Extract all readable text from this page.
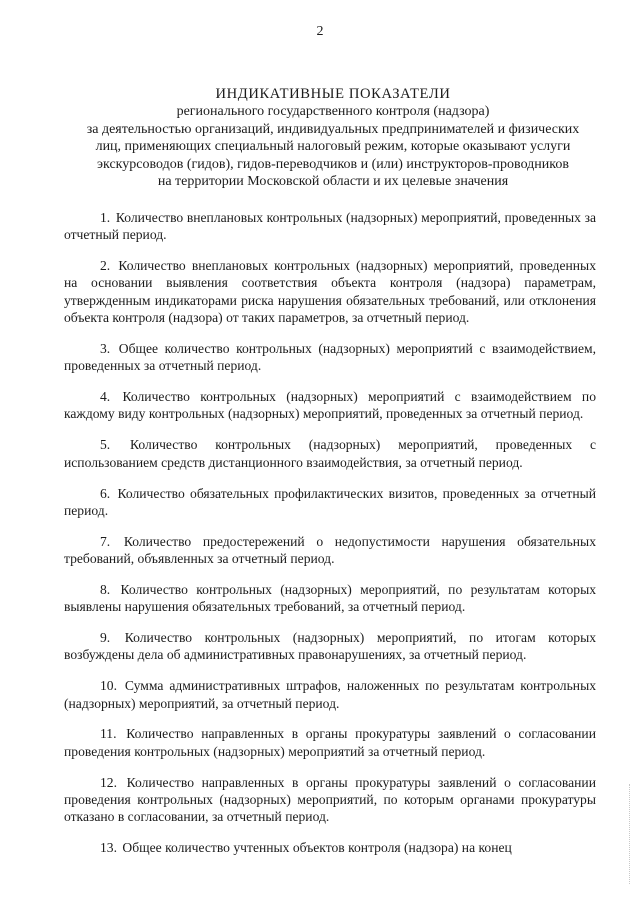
2
ИНДИКАТИВНЫЕ ПОКАЗАТЕЛИ
регионального государственного контроля (надзора)
за деятельностью организаций, индивидуальных предпринимателей и физических
лиц, применяющих специальный налоговый режим, которые оказывают услуги
экскурсоводов (гидов), гидов-переводчиков и (или) инструкторов-проводников
на территории Московской области и их целевые значения

1. Количество внеплановых контрольных (надзорных) мероприятий, проведенных за отчетный период.

2. Количество внеплановых контрольных (надзорных) мероприятий, проведенных на основании выявления соответствия объекта контроля (надзора) параметрам, утвержденным индикаторами риска нарушения обязательных требований, или отклонения объекта контроля (надзора) от таких параметров, за отчетный период.

3. Общее количество контрольных (надзорных) мероприятий с взаимодействием, проведенных за отчетный период.

4. Количество контрольных (надзорных) мероприятий с взаимодействием по каждому виду контрольных (надзорных) мероприятий, проведенных за отчетный период.

5. Количество контрольных (надзорных) мероприятий, проведенных с использованием средств дистанционного взаимодействия, за отчетный период.

6. Количество обязательных профилактических визитов, проведенных за отчетный период.

7. Количество предостережений о недопустимости нарушения обязательных требований, объявленных за отчетный период.

8. Количество контрольных (надзорных) мероприятий, по результатам которых выявлены нарушения обязательных требований, за отчетный период.

9. Количество контрольных (надзорных) мероприятий, по итогам которых возбуждены дела об административных правонарушениях, за отчетный период.

10. Сумма административных штрафов, наложенных по результатам контрольных (надзорных) мероприятий, за отчетный период.

11. Количество направленных в органы прокуратуры заявлений о согласовании проведения контрольных (надзорных) мероприятий за отчетный период.

12. Количество направленных в органы прокуратуры заявлений о согласовании проведения контрольных (надзорных) мероприятий, по которым органами прокуратуры отказано в согласовании, за отчетный период.

13. Общее количество учтенных объектов контроля (надзора) на конец
